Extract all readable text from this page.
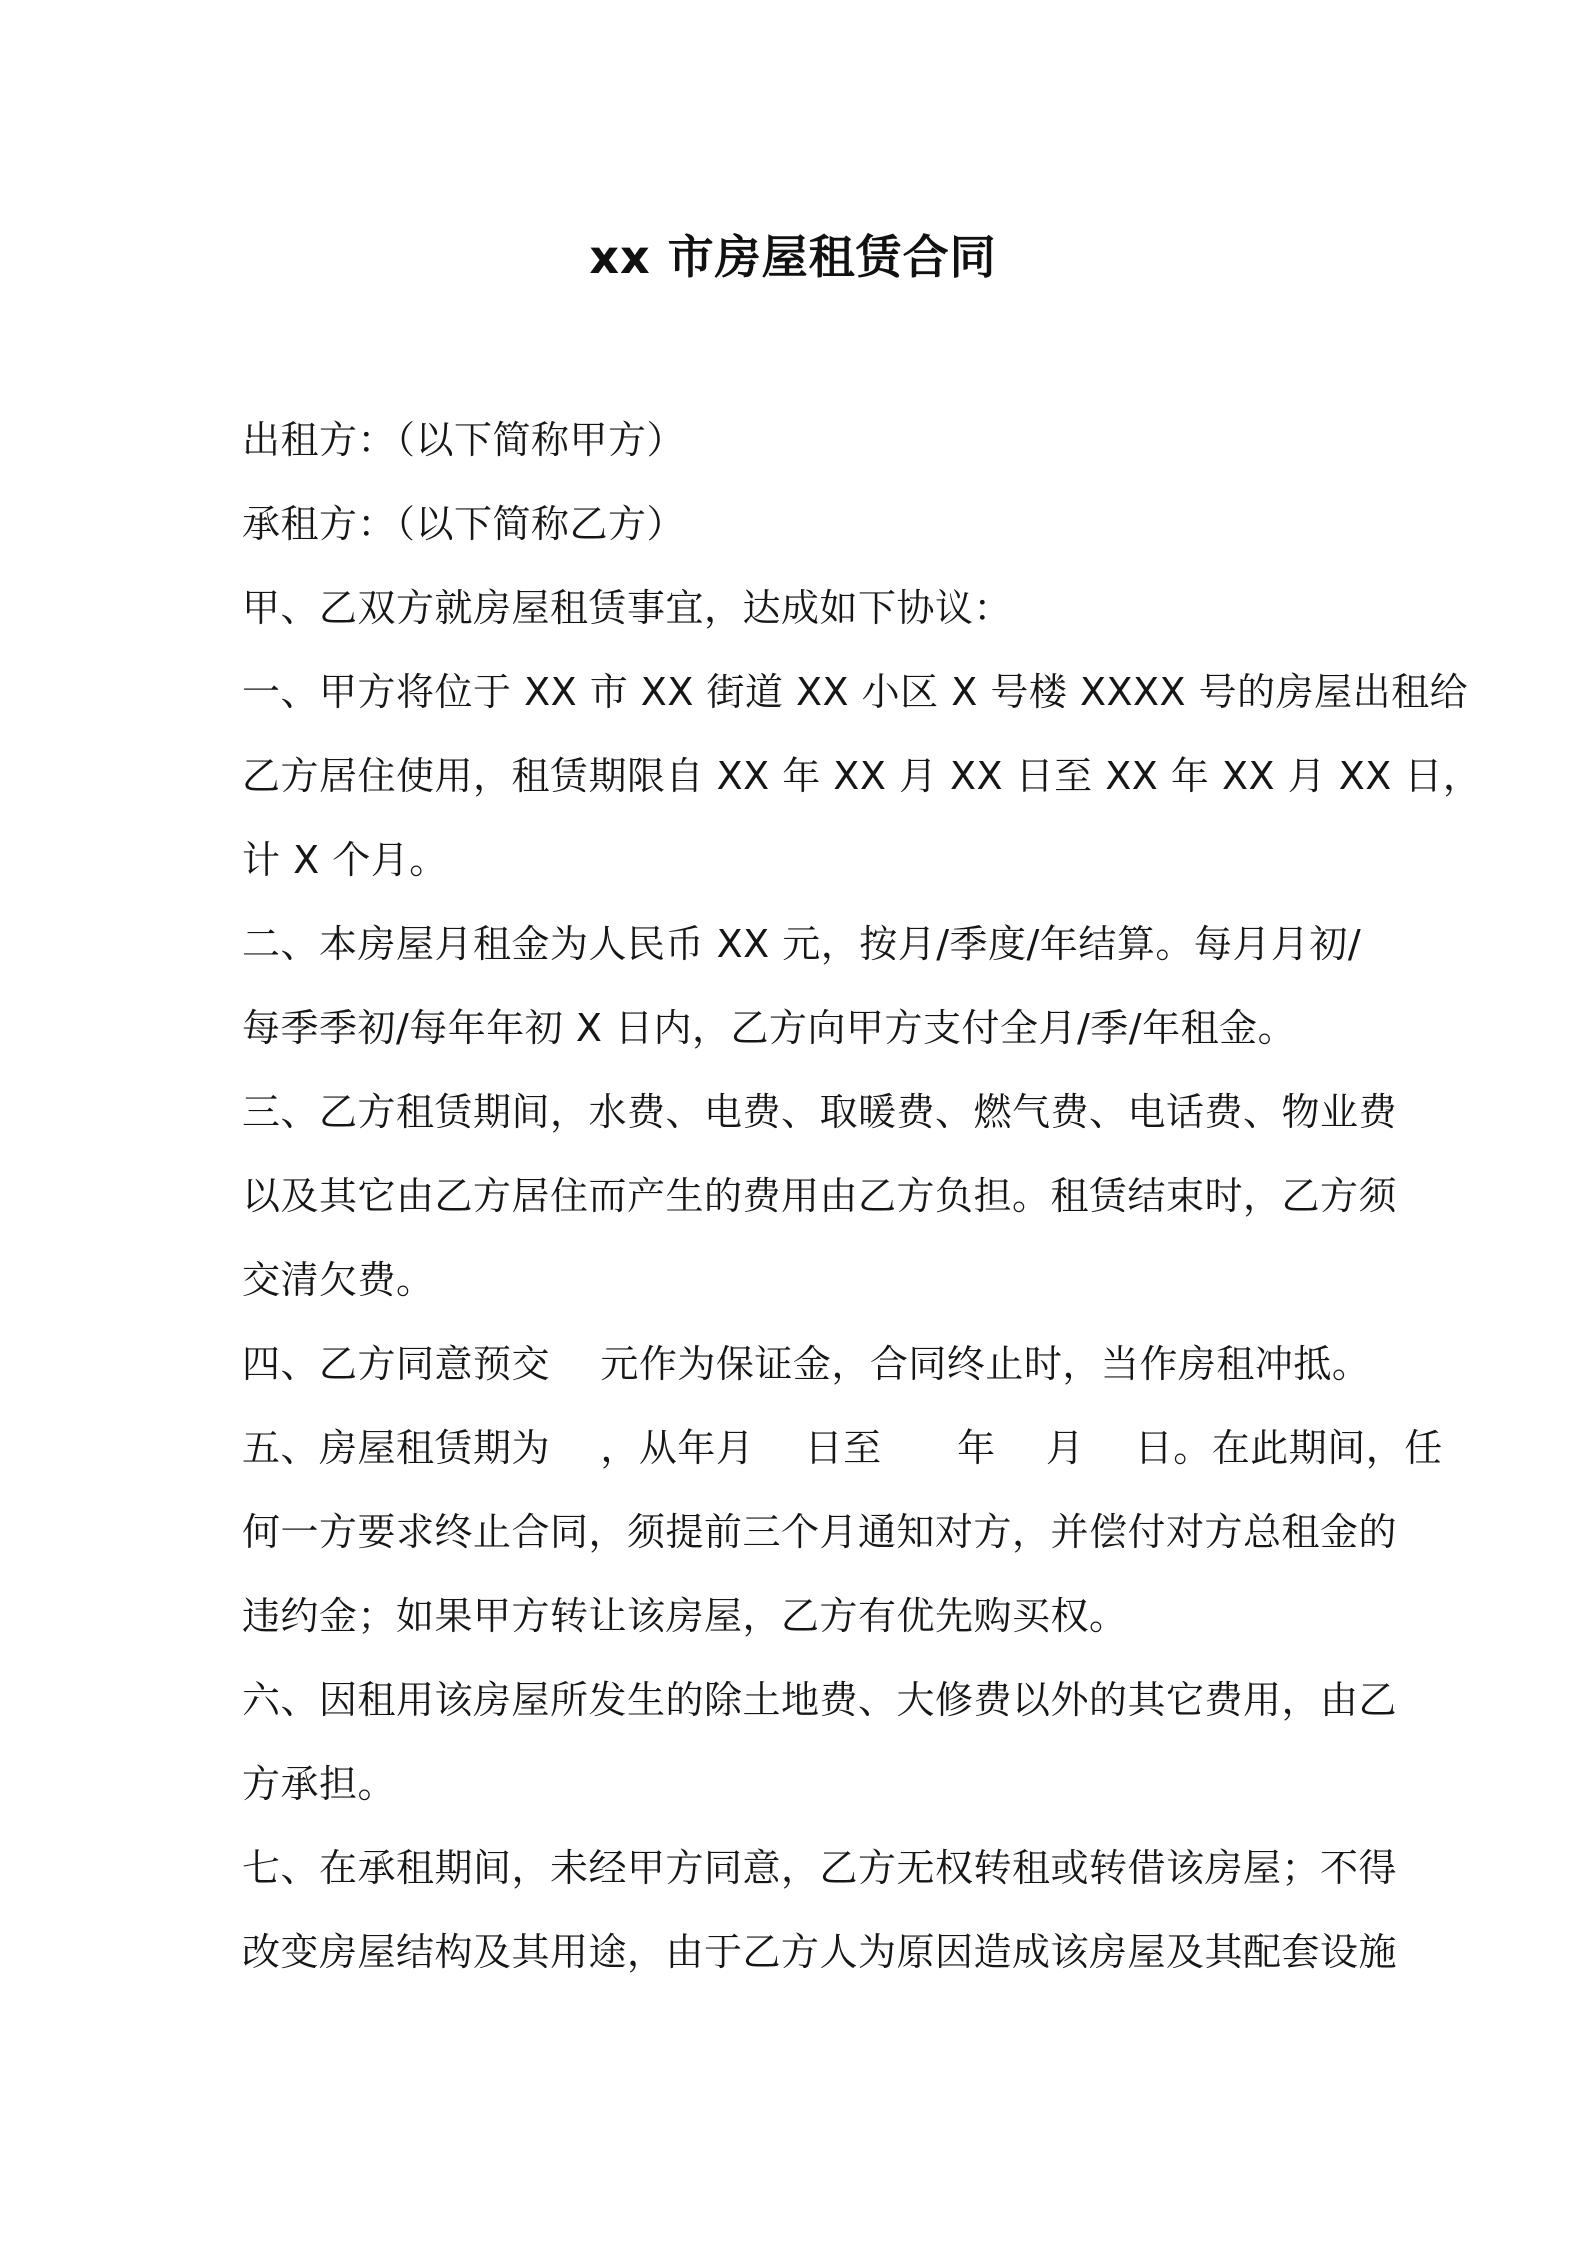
xx 市房屋租赁合同
出租方：（以下简称甲方）
承租方：（以下简称乙方）
甲、乙双方就房屋租赁事宜，达成如下协议：
一、甲方将位于 XX 市 XX 街道 XX 小区 X 号楼 XXXX 号的房屋出租给
乙方居住使用，租赁期限自 XX 年 XX 月 XX 日至 XX 年 XX 月 XX 日，
计 X 个月。
二、本房屋月租金为人民币 XX 元，按月/季度/年结算。每月月初/
每季季初/每年年初 X 日内，乙方向甲方支付全月/季/年租金。
三、乙方租赁期间，水费、电费、取暖费、燃气费、电话费、物业费
以及其它由乙方居住而产生的费用由乙方负担。租赁结束时，乙方须
交清欠费。
四、乙方同意预交    元作为保证金，合同终止时，当作房租冲抵。
五、房屋租赁期为    ，从年月    日至      年    月    日。在此期间，任
何一方要求终止合同，须提前三个月通知对方，并偿付对方总租金的
违约金；如果甲方转让该房屋，乙方有优先购买权。
六、因租用该房屋所发生的除土地费、大修费以外的其它费用，由乙
方承担。
七、在承租期间，未经甲方同意，乙方无权转租或转借该房屋；不得
改变房屋结构及其用途，由于乙方人为原因造成该房屋及其配套设施
